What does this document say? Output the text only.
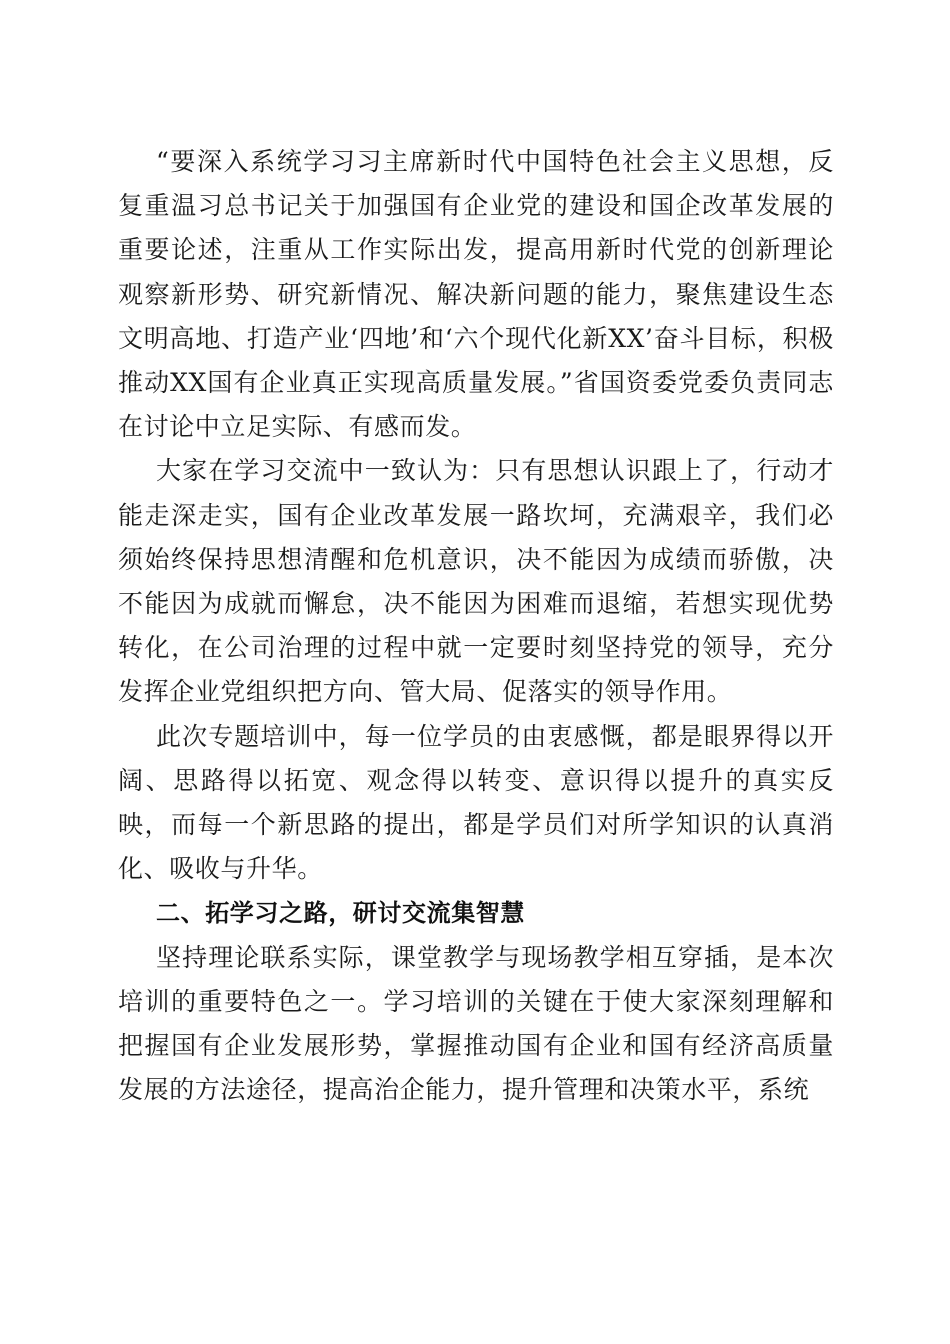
“要深入系统学习习主席新时代中国特色社会主义思想，反复重温习总书记关于加强国有企业党的建设和国企改革发展的重要论述，注重从工作实际出发，提高用新时代党的创新理论观察新形势、研究新情况、解决新问题的能力，聚焦建设生态文明高地、打造产业‘四地’和‘六个现代化新XX’奋斗目标，积极推动XX国有企业真正实现高质量发展。”省国资委党委负责同志在讨论中立足实际、有感而发。

大家在学习交流中一致认为：只有思想认识跟上了，行动才能走深走实，国有企业改革发展一路坎坷，充满艰辛，我们必须始终保持思想清醒和危机意识，决不能因为成绩而骄傲，决不能因为成就而懈怠，决不能因为困难而退缩，若想实现优势转化，在公司治理的过程中就一定要时刻坚持党的领导，充分发挥企业党组织把方向、管大局、促落实的领导作用。

此次专题培训中，每一位学员的由衷感慨，都是眼界得以开阔、思路得以拓宽、观念得以转变、意识得以提升的真实反映，而每一个新思路的提出，都是学员们对所学知识的认真消化、吸收与升华。

二、拓学习之路，研讨交流集智慧

坚持理论联系实际，课堂教学与现场教学相互穿插，是本次培训的重要特色之一。学习培训的关键在于使大家深刻理解和把握国有企业发展形势，掌握推动国有企业和国有经济高质量发展的方法途径，提高治企能力，提升管理和决策水平，系统
